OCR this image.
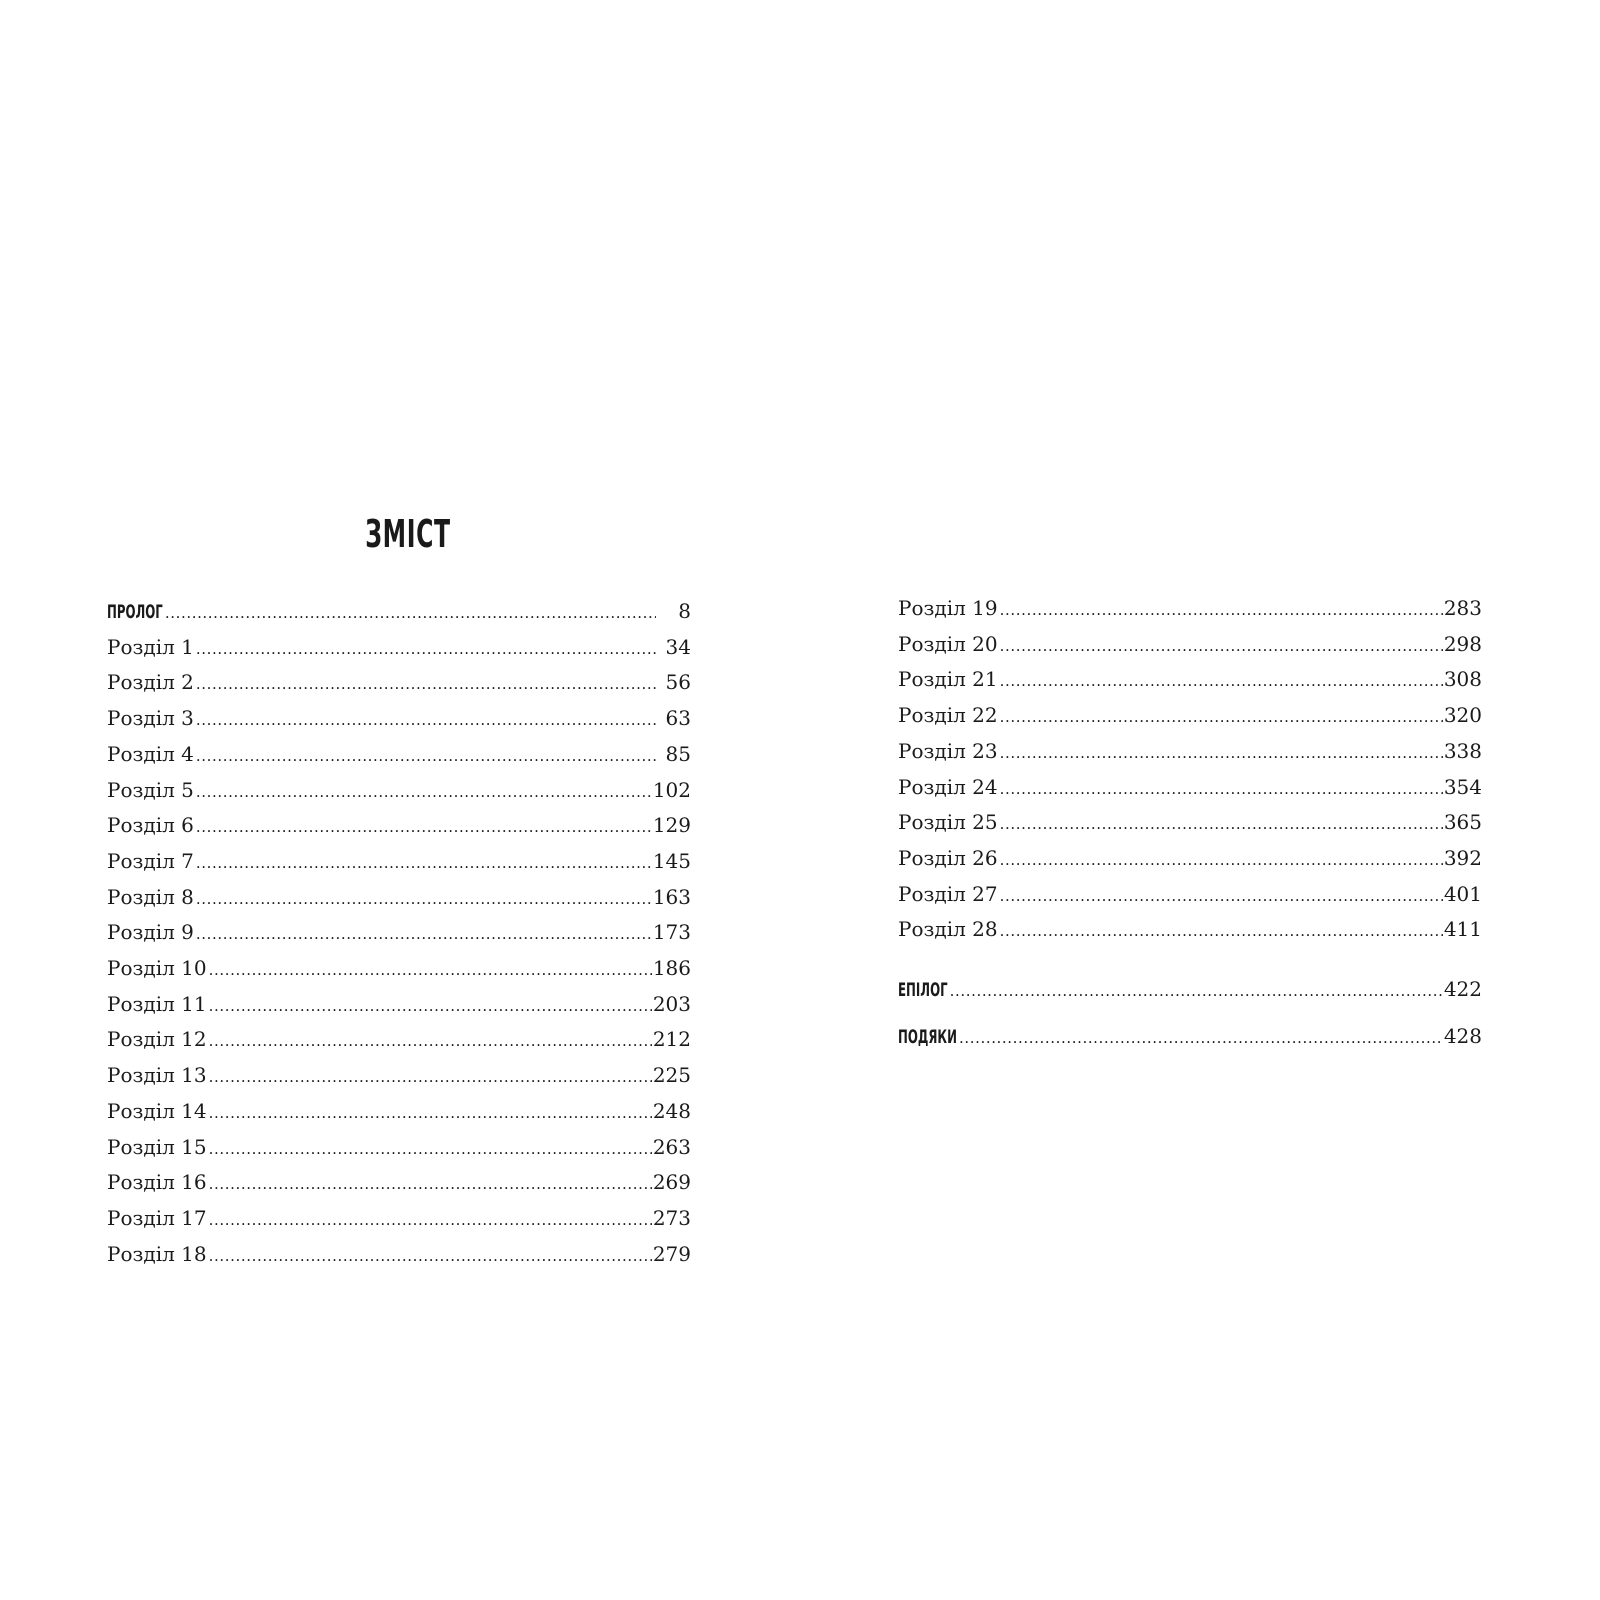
ЗМІСТ
ПРОЛОГ .....	8
Розділ 1 .....	34
Розділ 2 .....	56
Розділ 3 .....	63
Розділ 4 .....	85
Розділ 5 .....	102
Розділ 6 .....	129
Розділ 7 .....	145
Розділ 8 .....	163
Розділ 9 .....	173
Розділ 10 .....	186
Розділ 11 .....	203
Розділ 12 .....	212
Розділ 13 .....	225
Розділ 14 .....	248
Розділ 15 .....	263
Розділ 16 .....	269
Розділ 17 .....	273
Розділ 18 .....	279
Розділ 19 .....	283
Розділ 20 .....	298
Розділ 21 .....	308
Розділ 22 .....	320
Розділ 23 .....	338
Розділ 24 .....	354
Розділ 25 .....	365
Розділ 26 .....	392
Розділ 27 .....	401
Розділ 28 .....	411
ЕПІЛОГ .....	422
ПОДЯКИ .....	428
